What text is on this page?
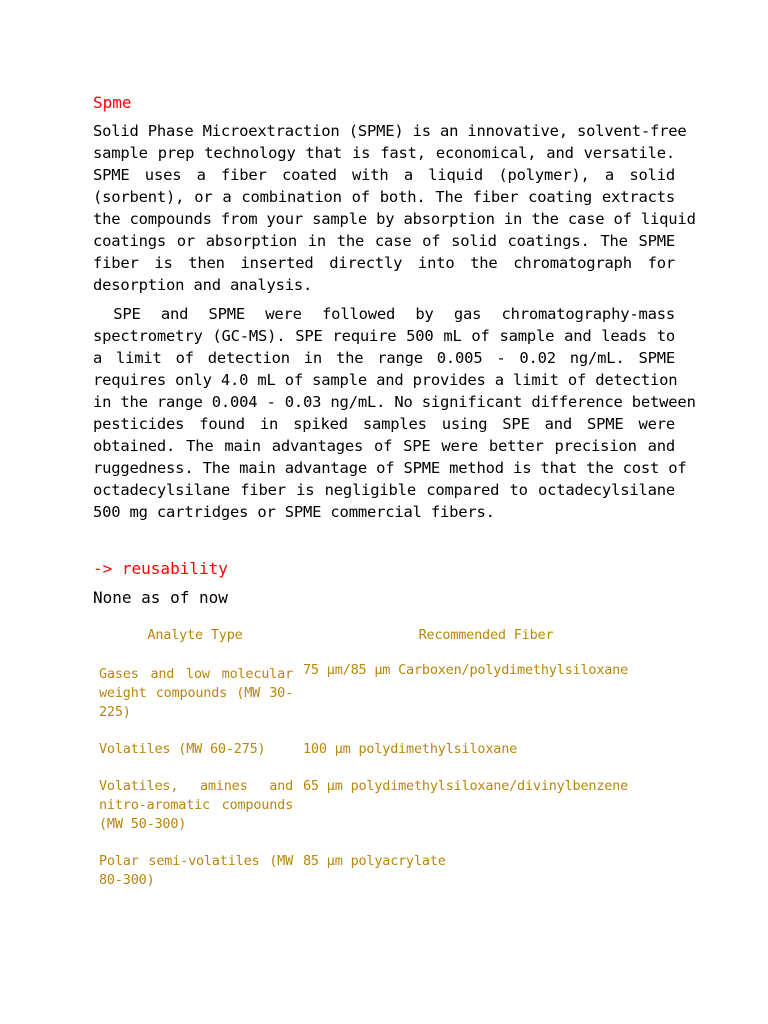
Spme
Solid Phase Microextraction (SPME) is an innovative, solvent-free
sample prep technology that is fast, economical, and versatile.
SPME uses a fiber coated with a liquid (polymer), a solid
(sorbent), or a combination of both. The fiber coating extracts
the compounds from your sample by absorption in the case of liquid
coatings or absorption in the case of solid coatings. The SPME
fiber is then inserted directly into the chromatograph for
desorption and analysis.
SPE and SPME were followed by gas chromatography-mass
spectrometry (GC-MS). SPE require 500 mL of sample and leads to
a limit of detection in the range 0.005 - 0.02 ng/mL. SPME
requires only 4.0 mL of sample and provides a limit of detection
in the range 0.004 - 0.03 ng/mL. No significant difference between
pesticides found in spiked samples using SPE and SPME were
obtained. The main advantages of SPE were better precision and
ruggedness. The main advantage of SPME method is that the cost of
octadecylsilane fiber is negligible compared to octadecylsilane
500 mg cartridges or SPME commercial fibers.
-> reusability
None as of now
Analyte Type	Recommended Fiber
Gases and low molecular weight compounds (MW 30-225)	75 μm/85 μm Carboxen/polydimethylsiloxane
Volatiles (MW 60-275)	100 μm polydimethylsiloxane
Volatiles, amines and nitro-aromatic compounds (MW 50-300)	65 μm polydimethylsiloxane/divinylbenzene
Polar semi-volatiles (MW 80-300)	85 μm polyacrylate
